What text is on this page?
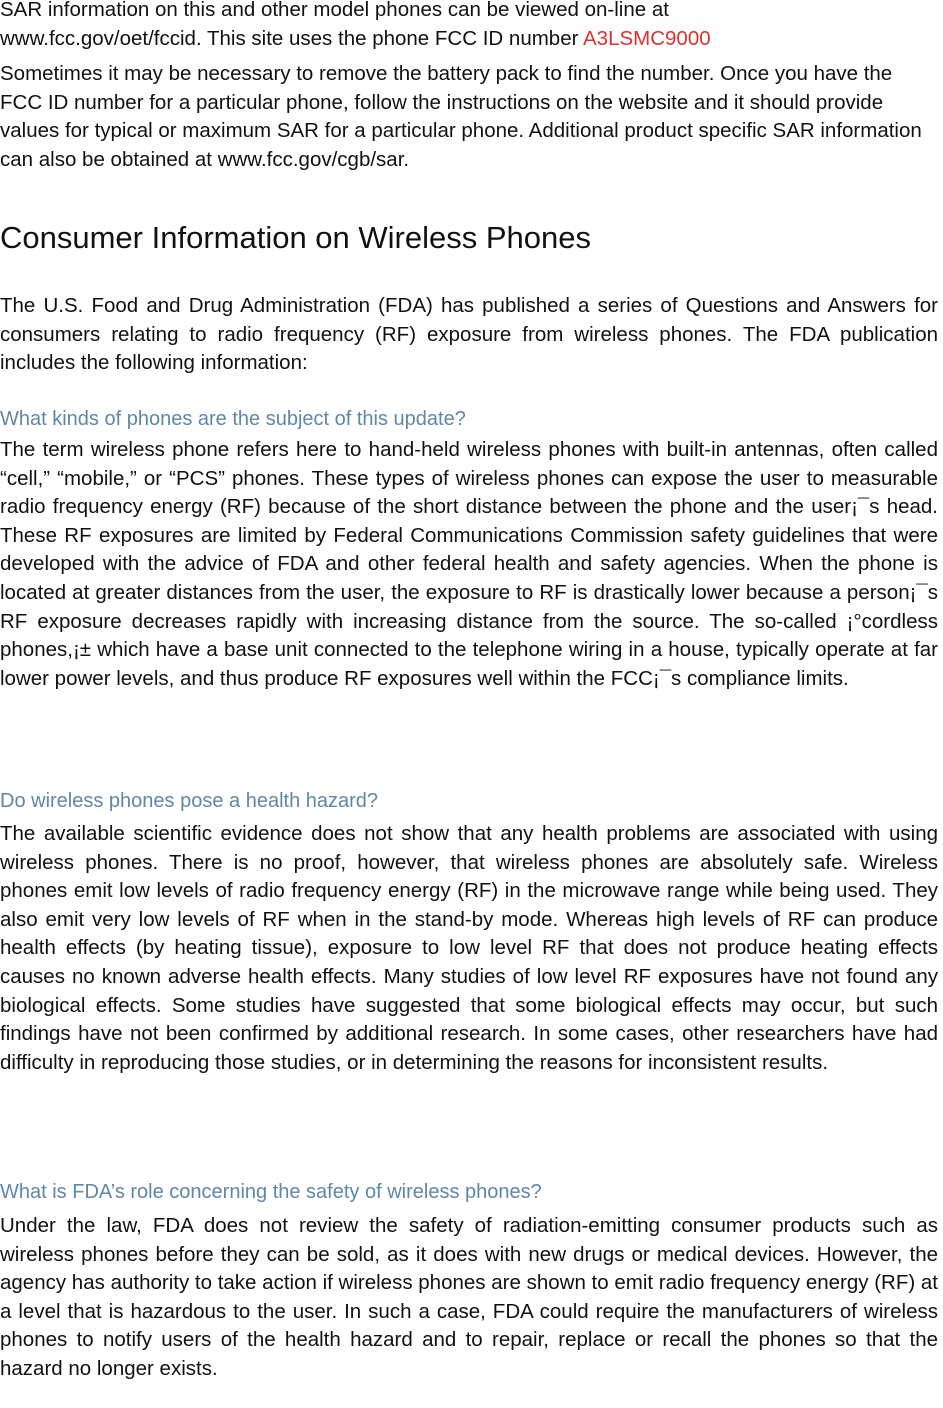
SAR information on this and other model phones can be viewed on-line at
www.fcc.gov/oet/fccid. This site uses the phone FCC ID number A3LSMC9000

Sometimes it may be necessary to remove the battery pack to find the number. Once you have the FCC ID number for a particular phone, follow the instructions on the website and it should provide values for typical or maximum SAR for a particular phone. Additional product specific SAR information can also be obtained at www.fcc.gov/cgb/sar.

Consumer Information on Wireless Phones

The U.S. Food and Drug Administration (FDA) has published a series of Questions and Answers for consumers relating to radio frequency (RF) exposure from wireless phones. The FDA publication includes the following information:

What kinds of phones are the subject of this update?

The term wireless phone refers here to hand-held wireless phones with built-in antennas, often called “cell,” “mobile,” or “PCS” phones. These types of wireless phones can expose the user to measurable radio frequency energy (RF) because of the short distance between the phone and the user¡¯s head. These RF exposures are limited by Federal Communications Commission safety guidelines that were developed with the advice of FDA and other federal health and safety agencies. When the phone is located at greater distances from the user, the exposure to RF is drastically lower because a person¡¯s RF exposure decreases rapidly with increasing distance from the source. The so-called ¡°cordless phones,¡± which have a base unit connected to the telephone wiring in a house, typically operate at far lower power levels, and thus produce RF exposures well within the FCC¡¯s compliance limits.

Do wireless phones pose a health hazard?

The available scientific evidence does not show that any health problems are associated with using wireless phones. There is no proof, however, that wireless phones are absolutely safe. Wireless phones emit low levels of radio frequency energy (RF) in the microwave range while being used. They also emit very low levels of RF when in the stand-by mode. Whereas high levels of RF can produce health effects (by heating tissue), exposure to low level RF that does not produce heating effects causes no known adverse health effects. Many studies of low level RF exposures have not found any biological effects. Some studies have suggested that some biological effects may occur, but such findings have not been confirmed by additional research. In some cases, other researchers have had difficulty in reproducing those studies, or in determining the reasons for inconsistent results.

What is FDA’s role concerning the safety of wireless phones?

Under the law, FDA does not review the safety of radiation-emitting consumer products such as wireless phones before they can be sold, as it does with new drugs or medical devices. However, the agency has authority to take action if wireless phones are shown to emit radio frequency energy (RF) at a level that is hazardous to the user. In such a case, FDA could require the manufacturers of wireless phones to notify users of the health hazard and to repair, replace or recall the phones so that the hazard no longer exists.
